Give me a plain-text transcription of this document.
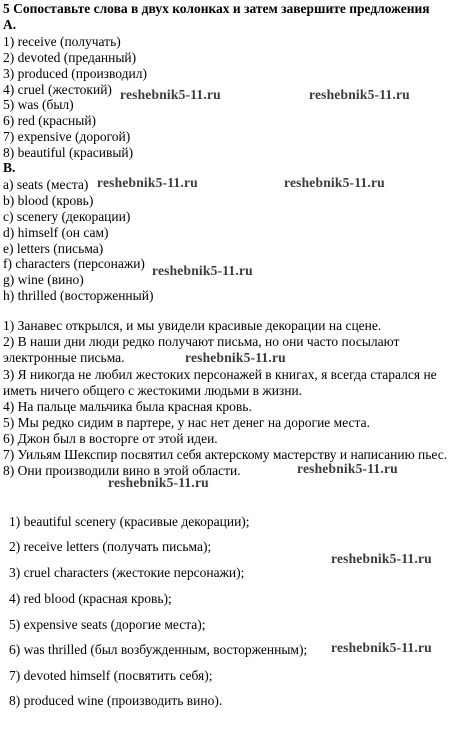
5 Сопоставьте слова в двух колонках и затем завершите предложения
A.
1) receive (получать)
2) devoted (преданный)
3) produced (производил)
4) cruel (жестокий)
5) was (был)
6) red (красный)
7) expensive (дорогой)
8) beautiful (красивый)
B.
a) seats (места)
b) blood (кровь)
c) scenery (декорации)
d) himself (он сам)
e) letters (письма)
f) characters (персонажи)
g) wine (вино)
h) thrilled (восторженный)
1) Занавес открылся, и мы увидели красивые декорации на сцене.
2) В наши дни люди редко получают письма, но они часто посылают
электронные письма.
3) Я никогда не любил жестоких персонажей в книгах, я всегда старался не
иметь ничего общего с жестокими людьми в жизни.
4) На пальце мальчика была красная кровь.
5) Мы редко сидим в партере, у нас нет денег на дорогие места.
6) Джон был в восторге от этой идеи.
7) Уильям Шекспир посвятил себя актерскому мастерству и написанию пьес.
8) Они производили вино в этой области.
1) beautiful scenery (красивые декорации);
2) receive letters (получать письма);
3) cruel characters (жестокие персонажи);
4) red blood (красная кровь);
5) expensive seats (дорогие места);
6) was thrilled (был возбужденным, восторженным);
7) devoted himself (посвятить себя);
8) produced wine (производить вино).
reshebnik5-11.ru	reshebnik5-11.ru
reshebnik5-11.ru	reshebnik5-11.ru
reshebnik5-11.ru
reshebnik5-11.ru
reshebnik5-11.ru
reshebnik5-11.ru
reshebnik5-11.ru
reshebnik5-11.ru
